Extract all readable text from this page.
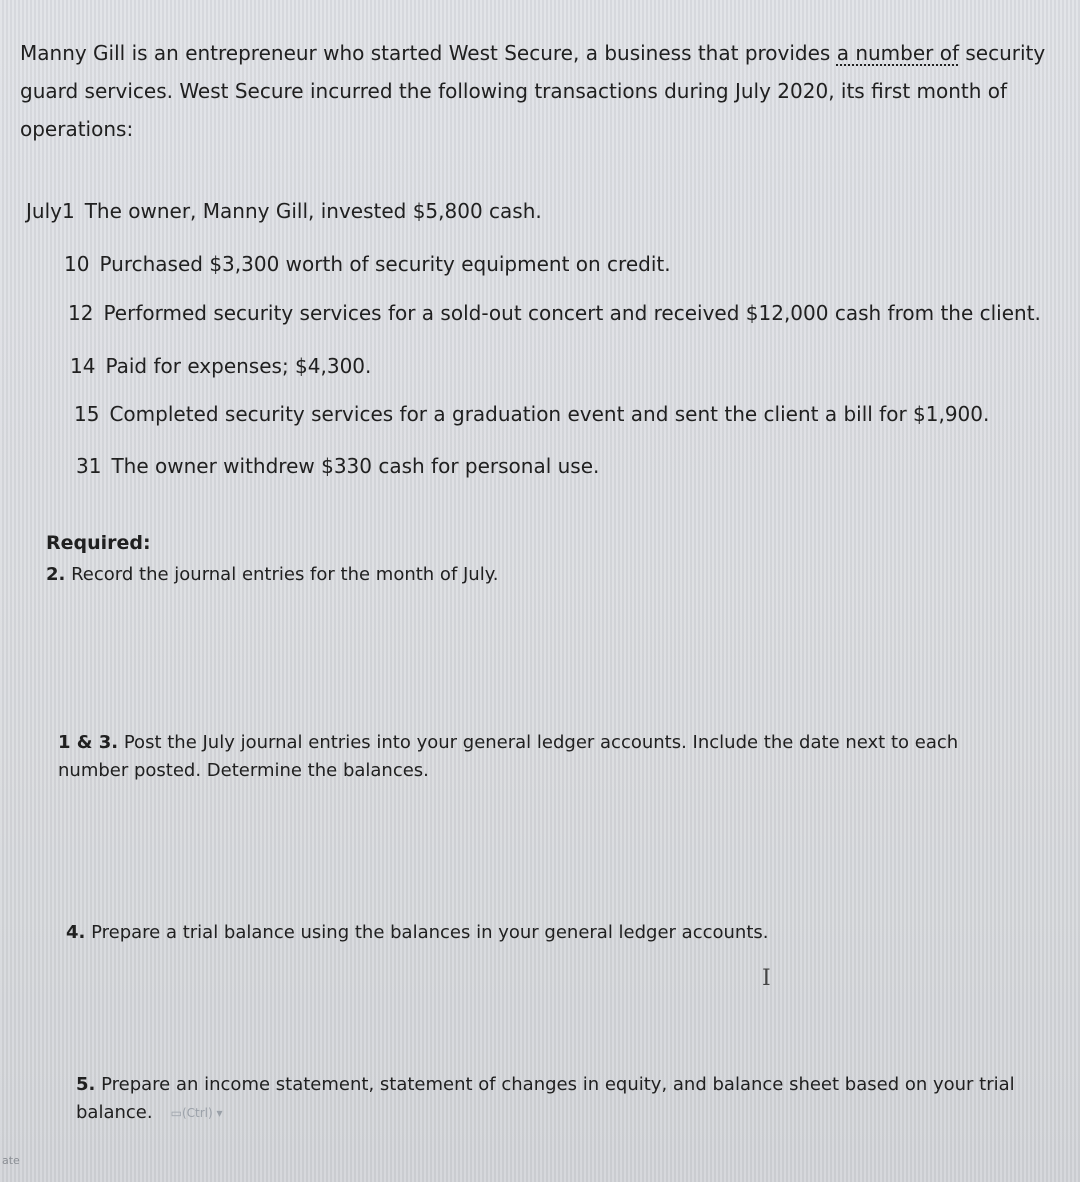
Manny Gill is an entrepreneur who started West Secure, a business that provides a number of security guard services. West Secure incurred the following transactions during July 2020, its first month of operations:
July1 The owner, Manny Gill, invested $5,800 cash.
10 Purchased $3,300 worth of security equipment on credit.
12 Performed security services for a sold-out concert and received $12,000 cash from the client.
14 Paid for expenses; $4,300.
15 Completed security services for a graduation event and sent the client a bill for $1,900.
31 The owner withdrew $330 cash for personal use.
Required:
2. Record the journal entries for the month of July.
1 & 3. Post the July journal entries into your general ledger accounts. Include the date next to each
number posted. Determine the balances.
4. Prepare a trial balance using the balances in your general ledger accounts.
I
5. Prepare an income statement, statement of changes in equity, and balance sheet based on your trial
balance. ▭(Ctrl) ▾
ate
